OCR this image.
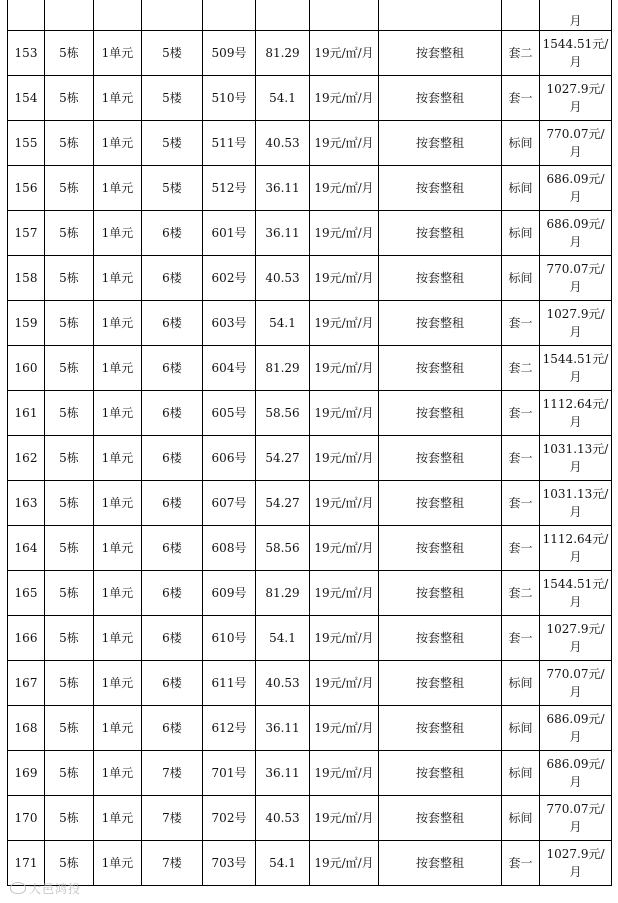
									月
153	5栋	1单元	5楼	509号	81.29	19元/㎡/月	按套整租	套二	1544.51元/
月
154	5栋	1单元	5楼	510号	54.1	19元/㎡/月	按套整租	套一	1027.9元/
月
155	5栋	1单元	5楼	511号	40.53	19元/㎡/月	按套整租	标间	770.07元/
月
156	5栋	1单元	5楼	512号	36.11	19元/㎡/月	按套整租	标间	686.09元/
月
157	5栋	1单元	6楼	601号	36.11	19元/㎡/月	按套整租	标间	686.09元/
月
158	5栋	1单元	6楼	602号	40.53	19元/㎡/月	按套整租	标间	770.07元/
月
159	5栋	1单元	6楼	603号	54.1	19元/㎡/月	按套整租	套一	1027.9元/
月
160	5栋	1单元	6楼	604号	81.29	19元/㎡/月	按套整租	套二	1544.51元/
月
161	5栋	1单元	6楼	605号	58.56	19元/㎡/月	按套整租	套一	1112.64元/
月
162	5栋	1单元	6楼	606号	54.27	19元/㎡/月	按套整租	套一	1031.13元/
月
163	5栋	1单元	6楼	607号	54.27	19元/㎡/月	按套整租	套一	1031.13元/
月
164	5栋	1单元	6楼	608号	58.56	19元/㎡/月	按套整租	套一	1112.64元/
月
165	5栋	1单元	6楼	609号	81.29	19元/㎡/月	按套整租	套二	1544.51元/
月
166	5栋	1单元	6楼	610号	54.1	19元/㎡/月	按套整租	套一	1027.9元/
月
167	5栋	1单元	6楼	611号	40.53	19元/㎡/月	按套整租	标间	770.07元/
月
168	5栋	1单元	6楼	612号	36.11	19元/㎡/月	按套整租	标间	686.09元/
月
169	5栋	1单元	7楼	701号	36.11	19元/㎡/月	按套整租	标间	686.09元/
月
170	5栋	1单元	7楼	702号	40.53	19元/㎡/月	按套整租	标间	770.07元/
月
171	5栋	1单元	7楼	703号	54.1	19元/㎡/月	按套整租	套一	1027.9元/
月
大邑鸿投
